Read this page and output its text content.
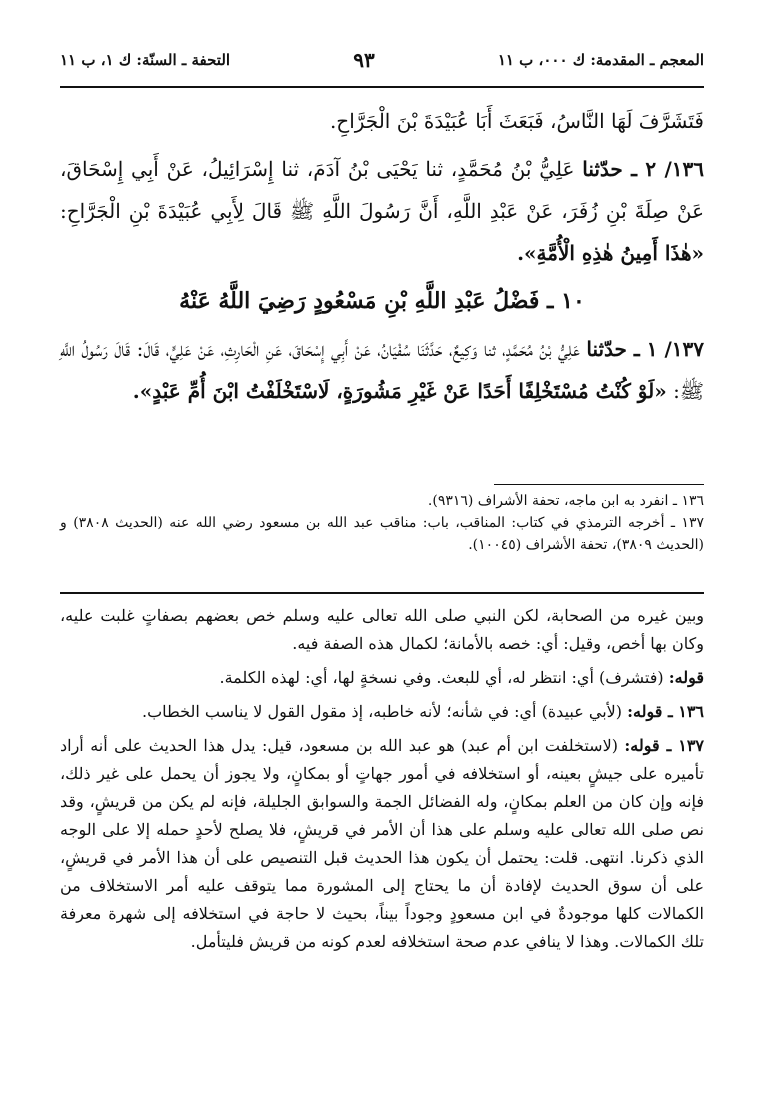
المعجم ـ المقدمة: ك ٠٠٠، ب ١١
٩٣
التحفة ـ السنّة: ك ١، ب ١١

فَتَشَرَّفَ لَهَا النَّاسُ، فَبَعَثَ أَبَا عُبَيْدَةَ بْنَ الْجَرَّاحِ.

١٣٦/ ٢ ـ حدّثنا عَلِيُّ بْنُ مُحَمَّدٍ، ثنا يَحْيَى بْنُ آدَمَ، ثنا إِسْرَائِيلُ، عَنْ أَبِي إِسْحَاقَ، عَنْ صِلَةَ بْنِ زُفَرَ، عَنْ عَبْدِ اللَّهِ، أَنَّ رَسُولَ اللَّهِ ﷺ قَالَ لِأَبِي عُبَيْدَةَ بْنِ الْجَرَّاحِ: «هٰذَا أَمِينُ هٰذِهِ الْأُمَّةِ».

١٠ ـ فَضْلُ عَبْدِ اللَّهِ بْنِ مَسْعُودٍ رَضِيَ اللَّهُ عَنْهُ

١٣٧/ ١ ـ حدّثنا عَلِيُّ بْنُ مُحَمَّدٍ، ثنا وَكِيعٌ، حَدَّثَنَا سُفْيَانُ، عَنْ أَبِي إِسْحَاقَ، عَنِ الْحَارِثِ، عَنْ عَلِيٍّ، قَالَ: قَالَ رَسُولُ اللَّهِ ﷺ: «لَوْ كُنْتُ مُسْتَخْلِفًا أَحَدًا عَنْ غَيْرِ مَشُورَةٍ، لَاسْتَخْلَفْتُ ابْنَ أُمِّ عَبْدٍ».

١٣٦ ـ انفرد به ابن ماجه، تحفة الأشراف (٩٣١٦).

١٣٧ ـ أخرجه الترمذي في كتاب: المناقب، باب: مناقب عبد الله بن مسعود رضي الله عنه (الحديث ٣٨٠٨) و (الحديث ٣٨٠٩)، تحفة الأشراف (١٠٠٤٥).

وبين غيره من الصحابة، لكن النبي صلى الله تعالى عليه وسلم خص بعضهم بصفاتٍ غلبت عليه، وكان بها أخص، وقيل: أي: خصه بالأمانة؛ لكمال هذه الصفة فيه.

قوله: (فتشرف) أي: انتظر له، أي للبعث. وفي نسخةٍ لها، أي: لهذه الكلمة.

١٣٦ ـ قوله: (لأبي عبيدة) أي: في شأنه؛ لأنه خاطبه، إذ مقول القول لا يناسب الخطاب.

١٣٧ ـ قوله: (لاستخلفت ابن أم عبد) هو عبد الله بن مسعود، قيل: يدل هذا الحديث على أنه أراد تأميره على جيشٍ بعينه، أو استخلافه في أمور جهاتٍ أو بمكانٍ، ولا يجوز أن يحمل على غير ذلك، فإنه وإن كان من العلم بمكانٍ، وله الفضائل الجمة والسوابق الجليلة، فإنه لم يكن من قريشٍ، وقد نص صلى الله تعالى عليه وسلم على هذا أن الأمر في قريشٍ، فلا يصلح لأحدٍ حمله إلا على الوجه الذي ذكرنا. انتهى. قلت: يحتمل أن يكون هذا الحديث قبل التنصيص على أن هذا الأمر في قريشٍ، على أن سوق الحديث لإفادة أن ما يحتاج إلى المشورة مما يتوقف عليه أمر الاستخلاف من الكمالات كلها موجودةٌ في ابن مسعودٍ وجوداً بيناً، بحيث لا حاجة في استخلافه إلى شهرة معرفة تلك الكمالات. وهذا لا ينافي عدم صحة استخلافه لعدم كونه من قريش فليتأمل.
